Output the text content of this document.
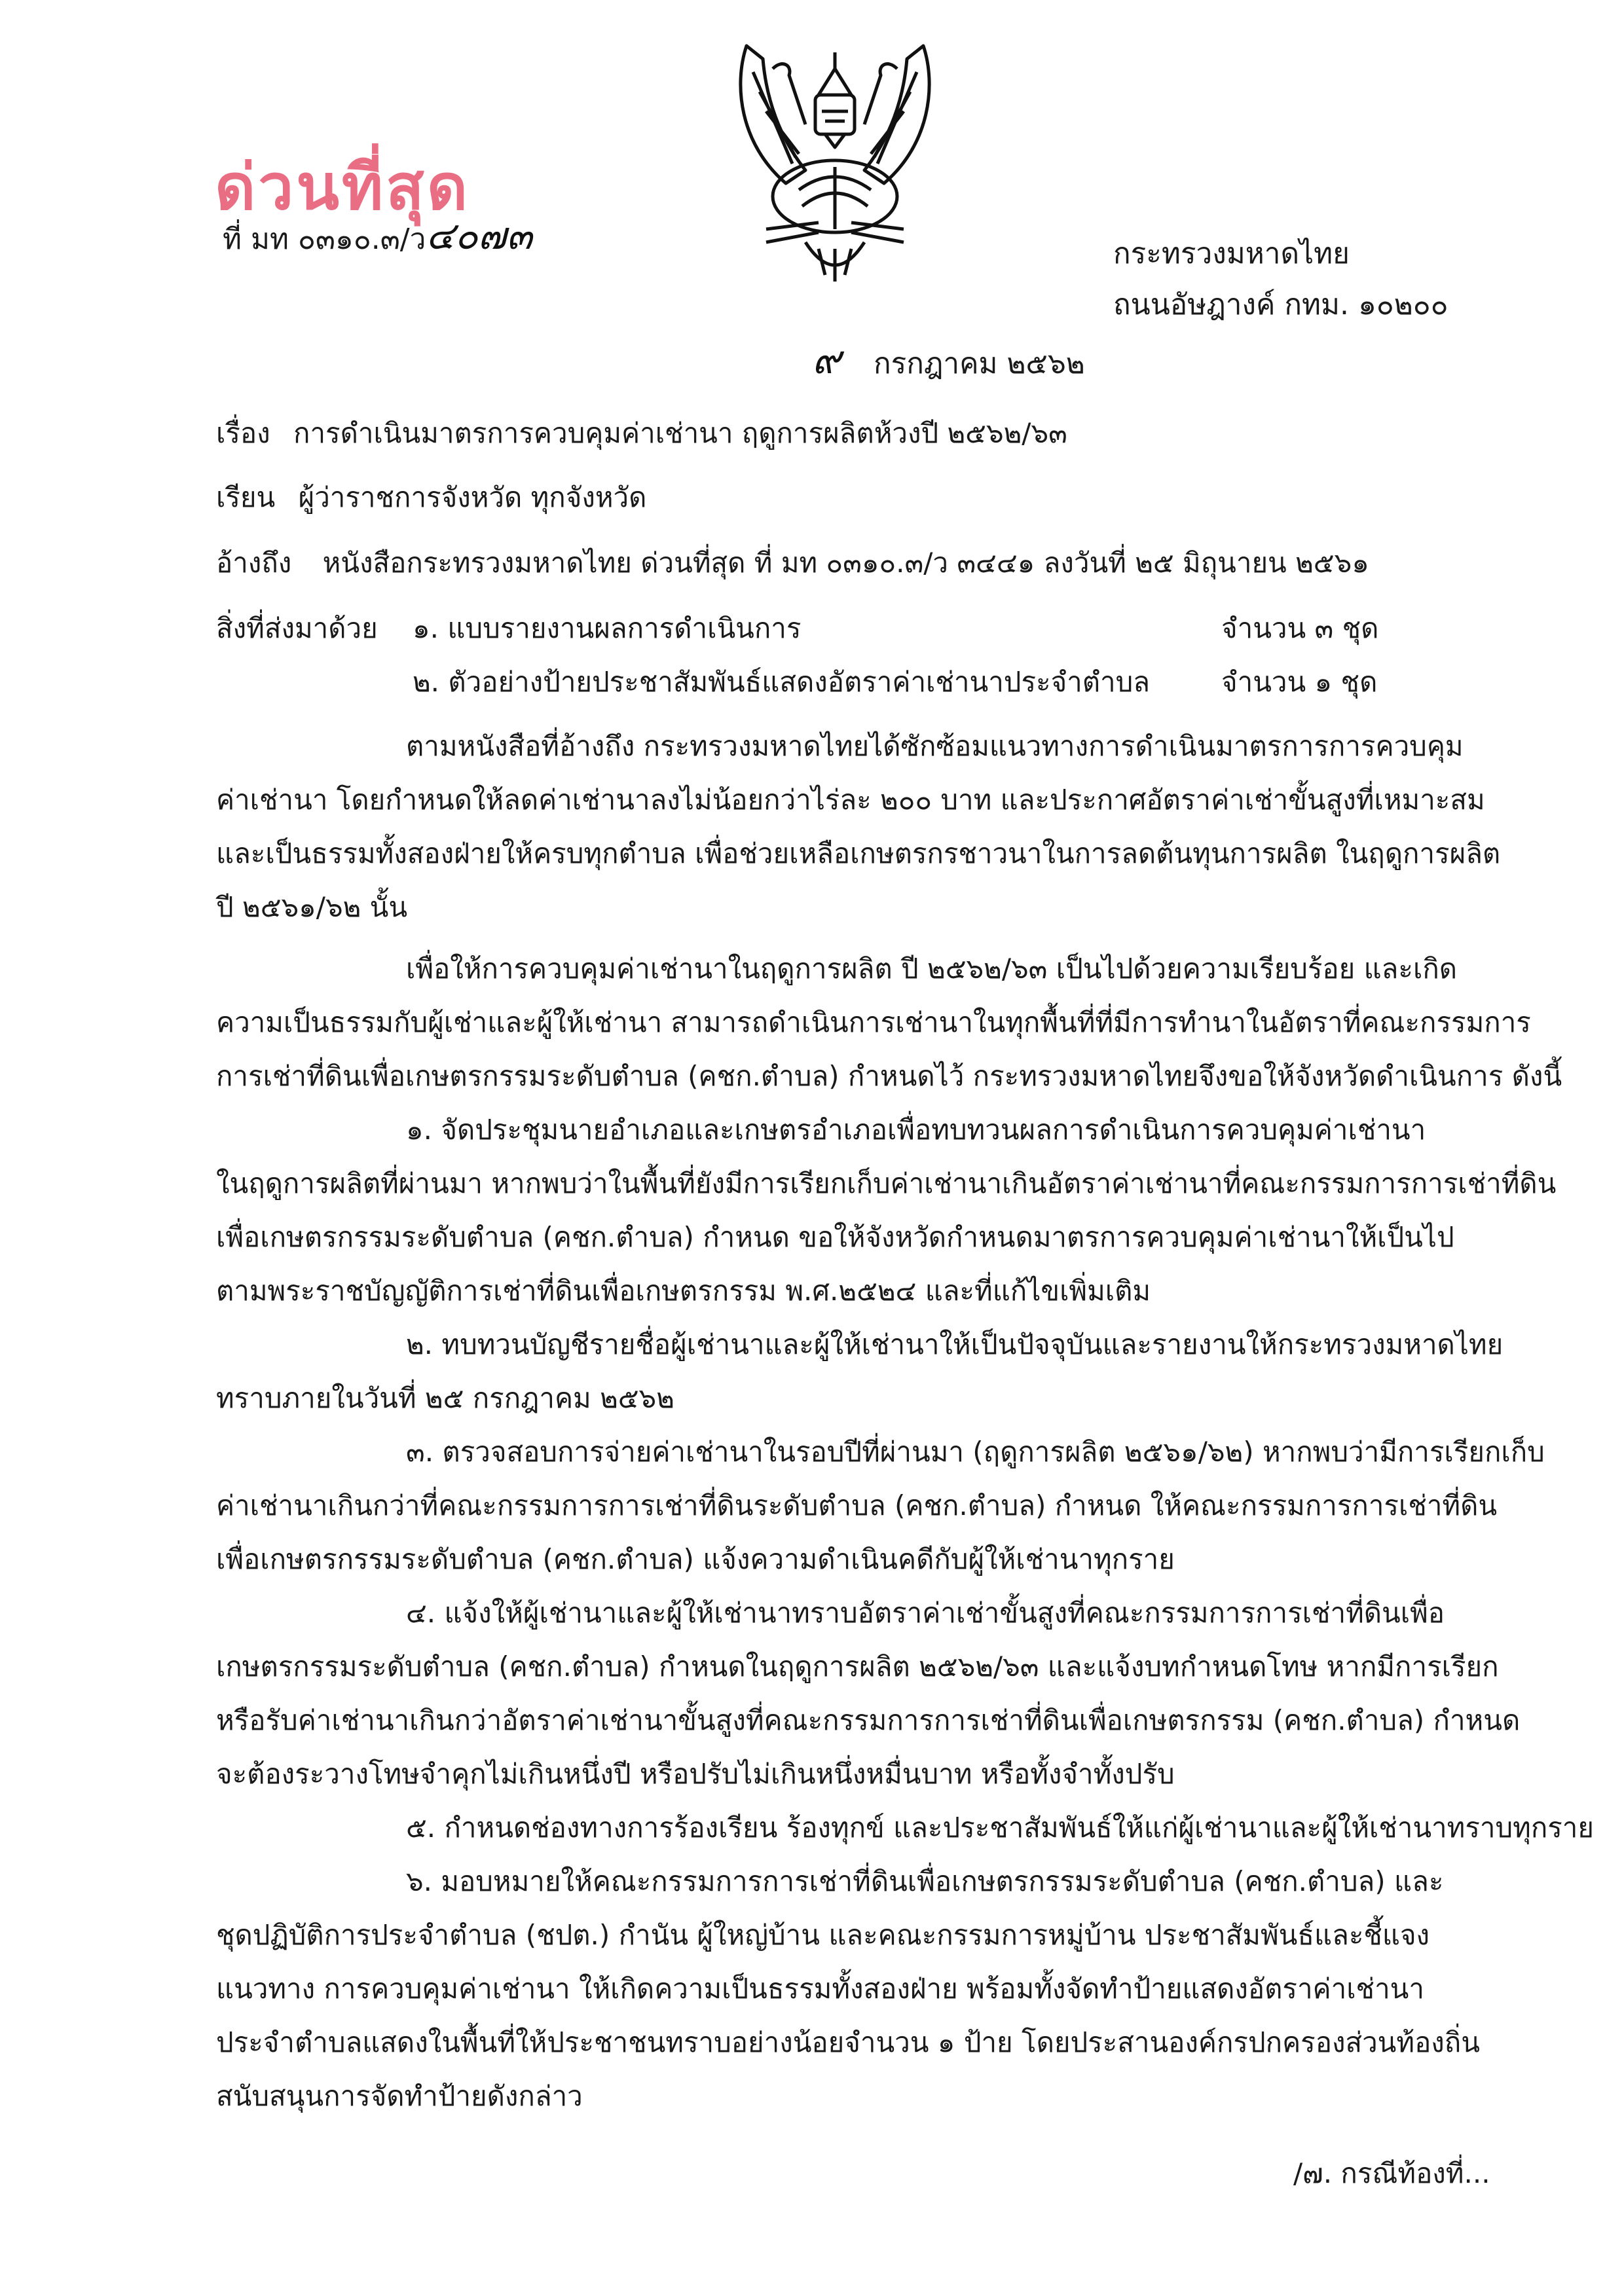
ด่วนที่สุด
ที่ มท ๐๓๑๐.๓/ว๔๐๗๓	กระทรวงมหาดไทย
ถนนอัษฎางค์ กทม. ๑๐๒๐๐
๙ กรกฎาคม ๒๕๖๒
เรื่อง การดำเนินมาตรการควบคุมค่าเช่านา ฤดูการผลิตห้วงปี ๒๕๖๒/๖๓
เรียน ผู้ว่าราชการจังหวัด ทุกจังหวัด
อ้างถึง หนังสือกระทรวงมหาดไทย ด่วนที่สุด ที่ มท ๐๓๑๐.๓/ว ๓๔๔๑ ลงวันที่ ๒๕ มิถุนายน ๒๕๖๑
สิ่งที่ส่งมาด้วย ๑. แบบรายงานผลการดำเนินการ	จำนวน ๓ ชุด
๒. ตัวอย่างป้ายประชาสัมพันธ์แสดงอัตราค่าเช่านาประจำตำบล	จำนวน ๑ ชุด
ตามหนังสือที่อ้างถึง กระทรวงมหาดไทยได้ซักซ้อมแนวทางการดำเนินมาตรการการควบคุม
ค่าเช่านา โดยกำหนดให้ลดค่าเช่านาลงไม่น้อยกว่าไร่ละ ๒๐๐ บาท และประกาศอัตราค่าเช่าขั้นสูงที่เหมาะสม
และเป็นธรรมทั้งสองฝ่ายให้ครบทุกตำบล เพื่อช่วยเหลือเกษตรกรชาวนาในการลดต้นทุนการผลิต ในฤดูการผลิต
ปี ๒๕๖๑/๖๒ นั้น
เพื่อให้การควบคุมค่าเช่านาในฤดูการผลิต ปี ๒๕๖๒/๖๓ เป็นไปด้วยความเรียบร้อย และเกิด
ความเป็นธรรมกับผู้เช่าและผู้ให้เช่านา สามารถดำเนินการเช่านาในทุกพื้นที่ที่มีการทำนาในอัตราที่คณะกรรมการ
การเช่าที่ดินเพื่อเกษตรกรรมระดับตำบล (คชก.ตำบล) กำหนดไว้ กระทรวงมหาดไทยจึงขอให้จังหวัดดำเนินการ ดังนี้
๑. จัดประชุมนายอำเภอและเกษตรอำเภอเพื่อทบทวนผลการดำเนินการควบคุมค่าเช่านา
ในฤดูการผลิตที่ผ่านมา หากพบว่าในพื้นที่ยังมีการเรียกเก็บค่าเช่านาเกินอัตราค่าเช่านาที่คณะกรรมการการเช่าที่ดิน
เพื่อเกษตรกรรมระดับตำบล (คชก.ตำบล) กำหนด ขอให้จังหวัดกำหนดมาตรการควบคุมค่าเช่านาให้เป็นไป
ตามพระราชบัญญัติการเช่าที่ดินเพื่อเกษตรกรรม พ.ศ.๒๕๒๔ และที่แก้ไขเพิ่มเติม
๒. ทบทวนบัญชีรายชื่อผู้เช่านาและผู้ให้เช่านาให้เป็นปัจจุบันและรายงานให้กระทรวงมหาดไทย
ทราบภายในวันที่ ๒๕ กรกฎาคม ๒๕๖๒
๓. ตรวจสอบการจ่ายค่าเช่านาในรอบปีที่ผ่านมา (ฤดูการผลิต ๒๕๖๑/๖๒) หากพบว่ามีการเรียกเก็บ
ค่าเช่านาเกินกว่าที่คณะกรรมการการเช่าที่ดินระดับตำบล (คชก.ตำบล) กำหนด ให้คณะกรรมการการเช่าที่ดิน
เพื่อเกษตรกรรมระดับตำบล (คชก.ตำบล) แจ้งความดำเนินคดีกับผู้ให้เช่านาทุกราย
๔. แจ้งให้ผู้เช่านาและผู้ให้เช่านาทราบอัตราค่าเช่าขั้นสูงที่คณะกรรมการการเช่าที่ดินเพื่อ
เกษตรกรรมระดับตำบล (คชก.ตำบล) กำหนดในฤดูการผลิต ๒๕๖๒/๖๓ และแจ้งบทกำหนดโทษ หากมีการเรียก
หรือรับค่าเช่านาเกินกว่าอัตราค่าเช่านาขั้นสูงที่คณะกรรมการการเช่าที่ดินเพื่อเกษตรกรรม (คชก.ตำบล) กำหนด
จะต้องระวางโทษจำคุกไม่เกินหนึ่งปี หรือปรับไม่เกินหนึ่งหมื่นบาท หรือทั้งจำทั้งปรับ
๕. กำหนดช่องทางการร้องเรียน ร้องทุกข์ และประชาสัมพันธ์ให้แก่ผู้เช่านาและผู้ให้เช่านาทราบทุกราย
๖. มอบหมายให้คณะกรรมการการเช่าที่ดินเพื่อเกษตรกรรมระดับตำบล (คชก.ตำบล) และ
ชุดปฏิบัติการประจำตำบล (ชปต.) กำนัน ผู้ใหญ่บ้าน และคณะกรรมการหมู่บ้าน ประชาสัมพันธ์และชี้แจง
แนวทาง การควบคุมค่าเช่านา ให้เกิดความเป็นธรรมทั้งสองฝ่าย พร้อมทั้งจัดทำป้ายแสดงอัตราค่าเช่านา
ประจำตำบลแสดงในพื้นที่ให้ประชาชนทราบอย่างน้อยจำนวน ๑ ป้าย โดยประสานองค์กรปกครองส่วนท้องถิ่น
สนับสนุนการจัดทำป้ายดังกล่าว
/๗. กรณีท้องที่...
